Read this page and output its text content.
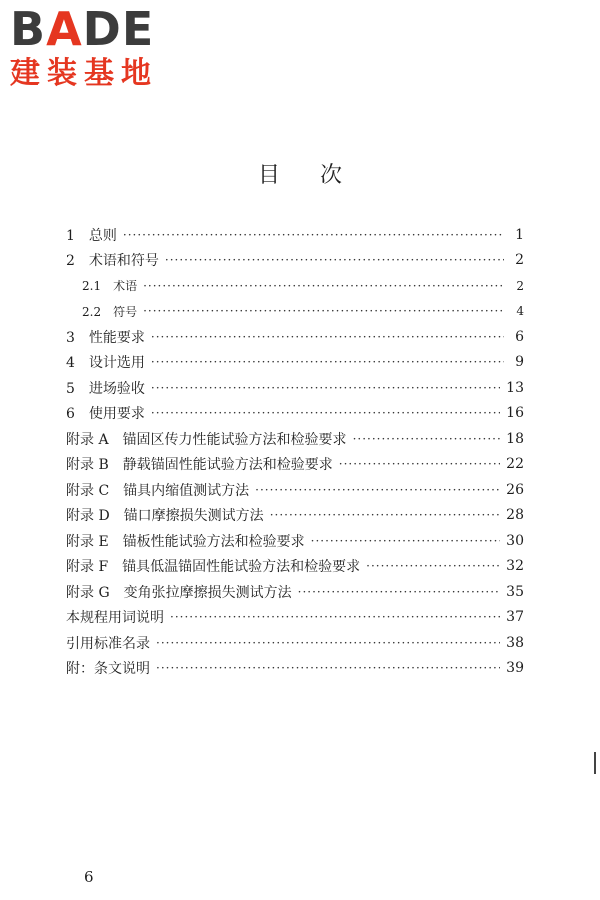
BADE
建装基地
目次
1　总则 ·····	1
2　术语和符号 ·····	2
2.1　术语 ·····	2
2.2　符号 ·····	4
3　性能要求 ·····	6
4　设计选用 ·····	9
5　进场验收 ·····	13
6　使用要求 ·····	16
附录 A　锚固区传力性能试验方法和检验要求 ·····	18
附录 B　静载锚固性能试验方法和检验要求 ·····	22
附录 C　锚具内缩值测试方法 ·····	26
附录 D　锚口摩擦损失测试方法 ·····	28
附录 E　锚板性能试验方法和检验要求 ·····	30
附录 F　锚具低温锚固性能试验方法和检验要求 ·····	32
附录 G　变角张拉摩擦损失测试方法 ·····	35
本规程用词说明 ·····	37
引用标准名录 ·····	38
附：条文说明 ·····	39
6
